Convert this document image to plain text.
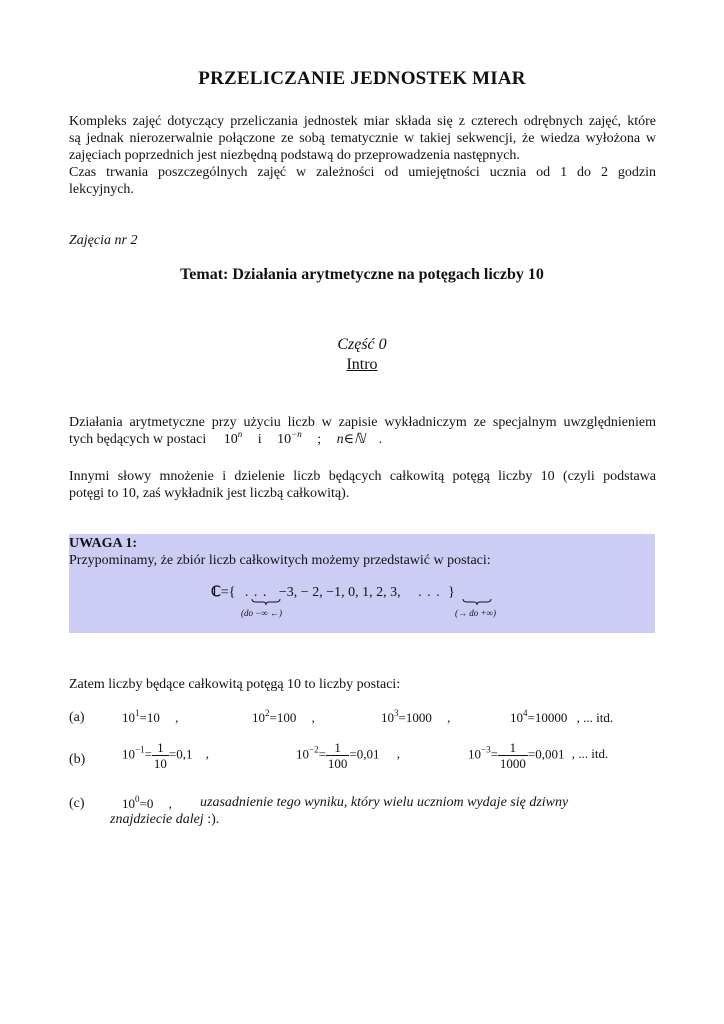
PRZELICZANIE JEDNOSTEK MIAR
Kompleks zajęć dotyczący przeliczania jednostek miar składa się z czterech odrębnych zajęć, które
są jednak nierozerwalnie połączone ze sobą tematycznie w takiej sekwencji, że wiedza wyłożona w
zajęciach poprzednich jest niezbędną podstawą do przeprowadzenia następnych.
Czas trwania poszczególnych zajęć w zależności od umiejętności ucznia od 1 do 2 godzin
lekcyjnych.
Zajęcia nr 2
Temat: Działania arytmetyczne na potęgach liczby 10
Część 0
Intro
Działania arytmetyczne przy użyciu liczb w zapisie wykładniczym ze specjalnym uwzględnieniem
tych będących w postaci 10$^n$ i $10^{-n}$ ; n∈ℕ .
Innymi słowy mnożenie i dzielenie liczb będących całkowitą potęgą liczby 10 (czyli podstawa
potęgi to 10, zaś wykładnik jest liczbą całkowitą).
UWAGA 1:
Przypominamy, że zbiór liczb całkowitych możemy przedstawić w postaci:
ℂ={ . . . −3, − 2, −1, 0, 1, 2, 3, . . . }
(do −∞ ←)	(→ do +∞)
Zatem liczby będące całkowitą potęgą 10 to liczby postaci:
(a)	$10^1=10$ ,	$10^2=100$ ,	$10^3=1000$ ,	$10^4=10000$ , ... itd.
(b)	$10^{-1}= \frac{1}{10} =0,1$ ,	$10^{-2}= \frac{1}{100} =0,01$ ,	$10^{-3}= \frac{1}{1000} =0,001$ , ... itd.
(c)	$10^0=0$ , uzasadnienie tego wyniku, który wielu uczniom wydaje się dziwny
znajdziecie dalej :).
